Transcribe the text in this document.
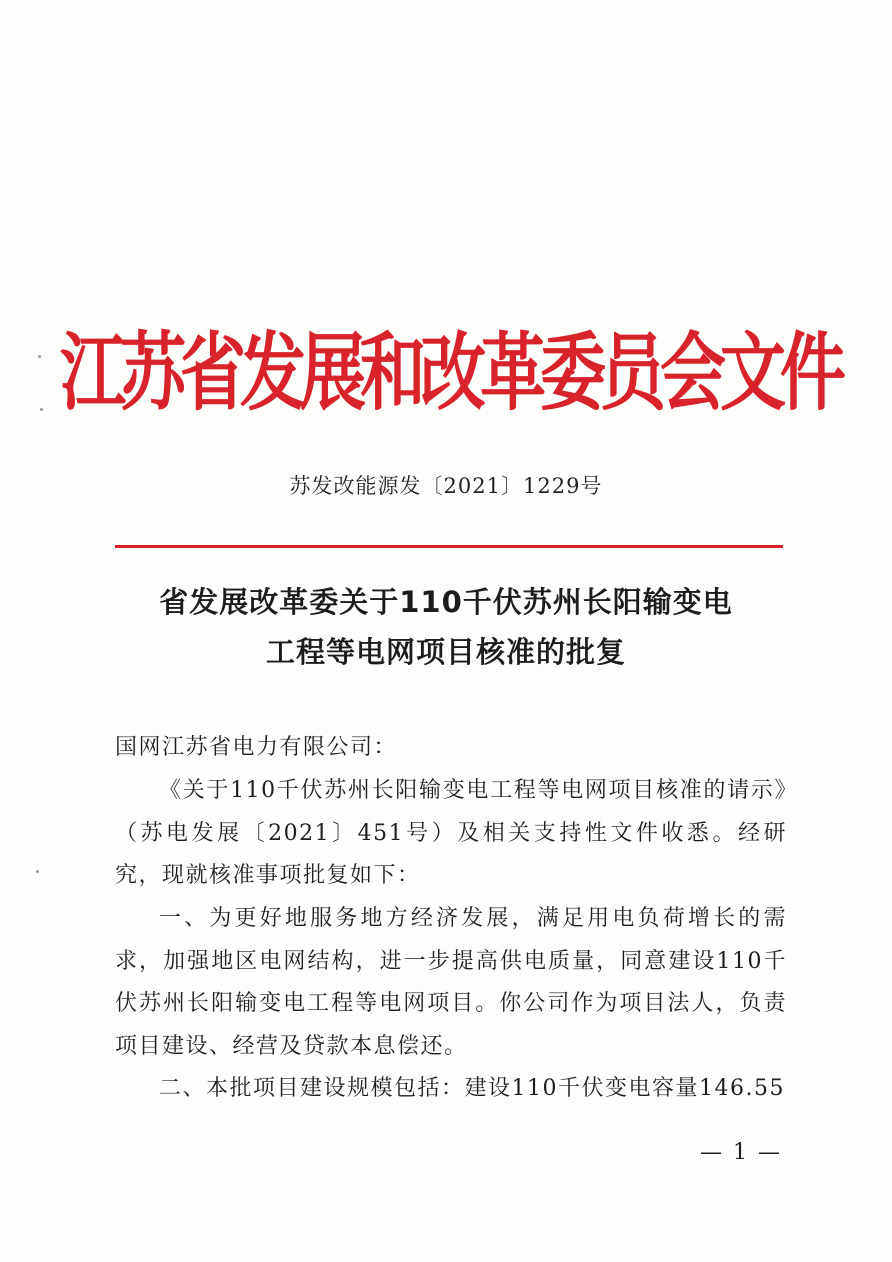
江苏省发展和改革委员会文件
苏发改能源发〔2021〕1229号
省发展改革委关于110千伏苏州长阳输变电
工程等电网项目核准的批复
国网江苏省电力有限公司：
《关于110千伏苏州长阳输变电工程等电网项目核准的请示》（苏电发展〔2021〕451号）及相关支持性文件收悉。经研究，现就核准事项批复如下：
一、为更好地服务地方经济发展，满足用电负荷增长的需求，加强地区电网结构，进一步提高供电质量，同意建设110千伏苏州长阳输变电工程等电网项目。你公司作为项目法人，负责项目建设、经营及贷款本息偿还。
二、本批项目建设规模包括：建设110千伏变电容量146.55
— 1 —
